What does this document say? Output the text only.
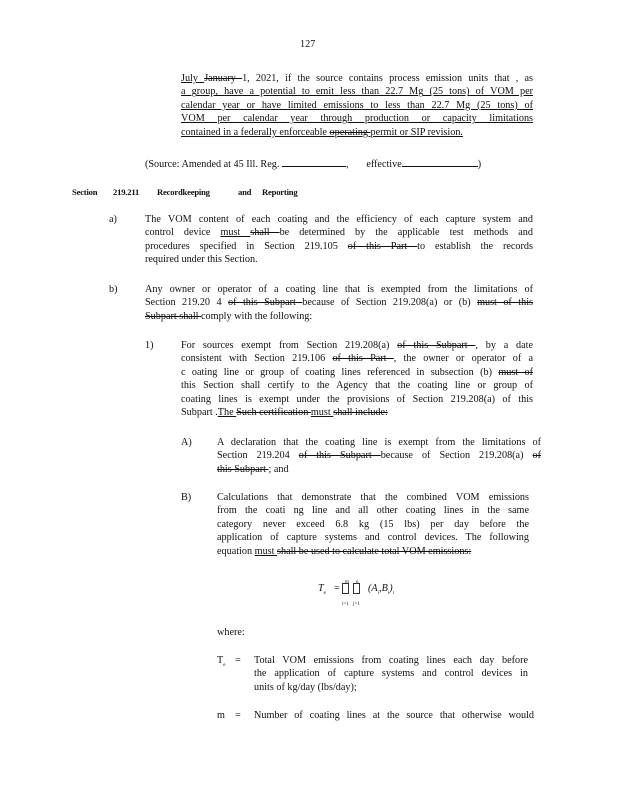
127
July January 1, 2021, if the source contains process emission units that , as
a group, have a potential to emit less than 22.7 Mg (25 tons) of VOM per
calendar year or have limited emissions to less than 22.7 Mg (25 tons) of
VOM per calendar year through production or capacity limitations
contained in a federally enforceable operating permit or SIP revision.
(Source: Amended at 45 Ill. Reg.	, effective	)
Section 219.211 Recordkeeping	and Reporting
a)	The VOM content of each coating and the efficiency of each capture system and
control device must shall be determined by the applicable test methods and
procedures specified in Section 219.105 of this Part to establish the records
required under this Section.
b)	Any owner or operator of a coating line that is exempted from the limitations of
Section 219.20 4 of this Subpart because of Section 219.208(a) or (b) must of this
Subpart shall comply with the following:
1)	For sources exempt from Section 219.208(a) of this Subpart , by a date
consistent with Section 219.106 of this Part , the owner or operator of a
c oating line or group of coating lines referenced in subsection (b) must of
this Section shall certify to the Agency that the coating line or group of
coating lines is exempt under the provisions of Section 219.208(a) of this
Subpart .The Such certification must shall include:
A) A declaration that the coating line is exempt from the limitations of
Section 219.204 of this Subpart because of Section 219.208(a) of
this Subpart ; and
B)	Calculations that demonstrate that the combined VOM emissions
from the coati ng line and all other coating lines in the same
category never exceed 6.8 kg (15 lbs) per day before the
application of capture systems and control devices. The following
equation must shall be used to calculate total VOM emissions:
$T_e$ =
m n
i=1 j=1
$(A_i,B_i)_i$
where:
$T_e$ = Total VOM emissions from coating lines each day before
the application of capture systems and control devices in
units of kg/day (lbs/day);
m = Number of coating lines at the source that otherwise would
